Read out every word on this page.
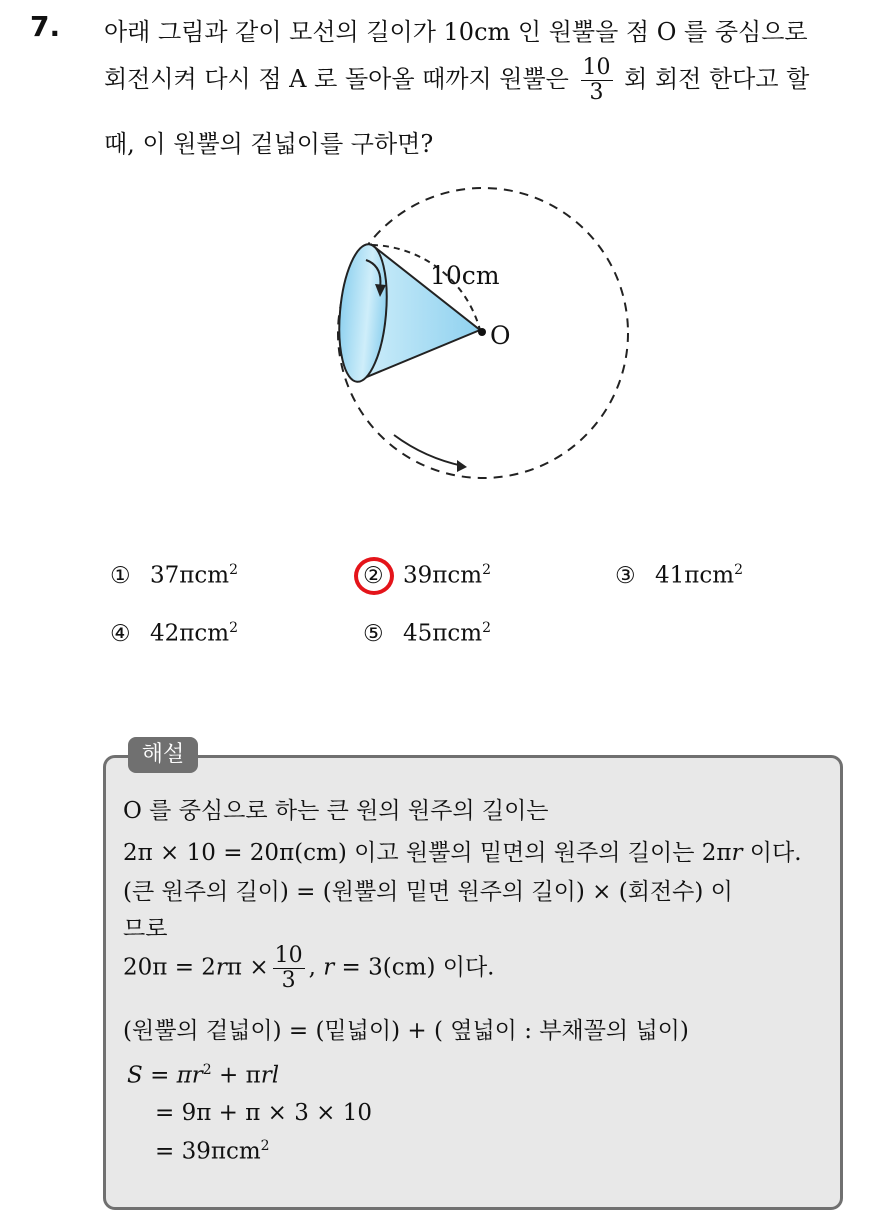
7. 아래 그림과 같이 모선의 길이가 10cm 인 원뿔을 점 O 를 중심으로
회전시켜 다시 점 A 로 돌아올 때까지 원뿔은 $\frac{10}{3}$ 회 회전 한다고 할
때, 이 원뿔의 겉넓이를 구하면?
10cm
O
① 37πcm$^2$	② 39πcm$^2$	③ 41πcm$^2$
④ 42πcm$^2$	⑤ 45πcm$^2$
해설
O 를 중심으로 하는 큰 원의 원주의 길이는
2π × 10 = 20π(cm) 이고 원뿔의 밑면의 원주의 길이는 2πr 이다.
(큰 원주의 길이) = (원뿔의 밑면 원주의 길이) × (회전수) 이
므로
$20\pi = 2r\pi \times \frac{10}{3}$ , r = 3(cm) 이다.
(원뿔의 겉넓이) = (밑넓이) + ( 옆넓이 : 부채꼴의 넓이)
$S = \pi r^2 + \pi rl$
= 9π + π × 3 × 10
= 39πcm$^2$
